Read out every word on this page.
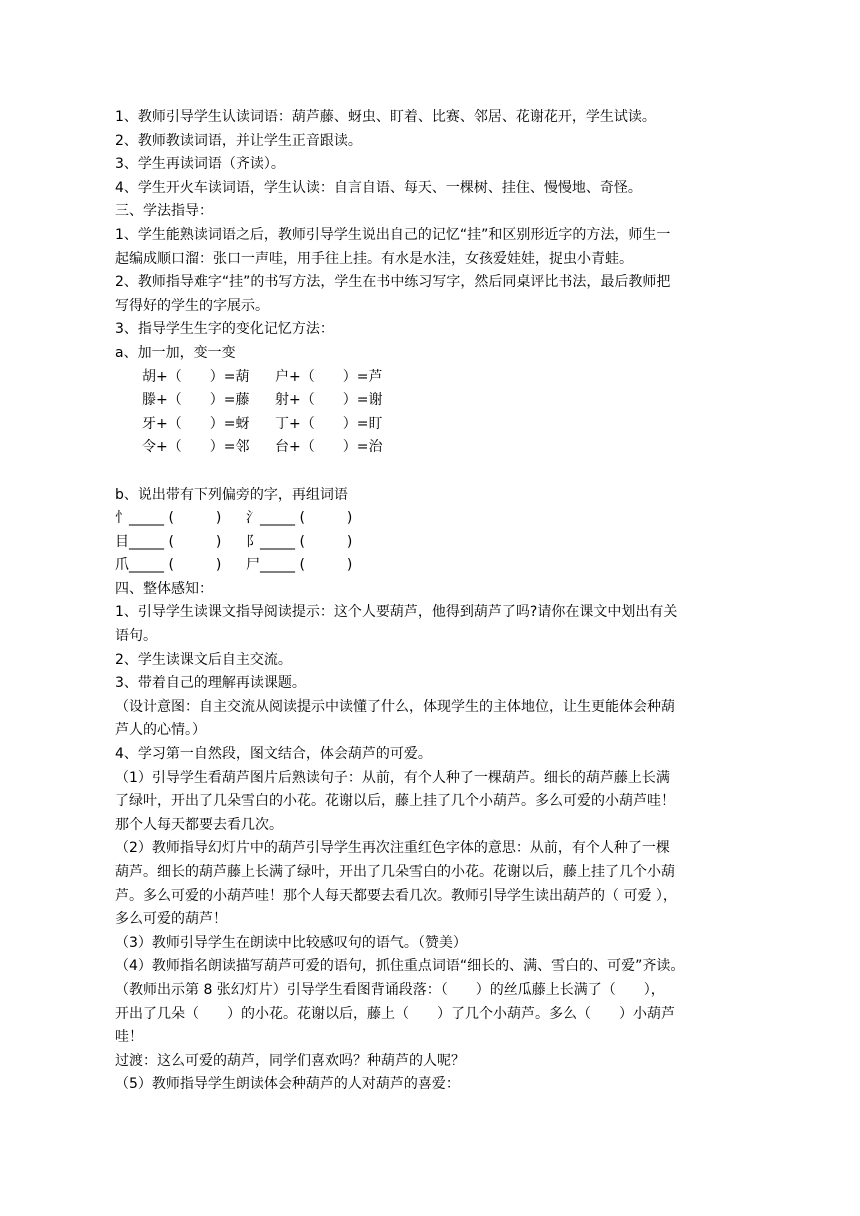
1、教师引导学生认读词语：葫芦藤、蚜虫、盯着、比赛、邻居、花谢花开，学生试读。
2、教师教读词语，并让学生正音跟读。
3、学生再读词语（齐读）。
4、学生开火车读词语，学生认读：自言自语、每天、一棵树、挂住、慢慢地、奇怪。
三、学法指导：
1、学生能熟读词语之后，教师引导学生说出自己的记忆“挂”和区别形近字的方法，师生一
起编成顺口溜：张口一声哇，用手往上挂。有水是水洼，女孩爱娃娃，捉虫小青蛙。
2、教师指导难字“挂”的书写方法，学生在书中练习写字，然后同桌评比书法，最后教师把
写得好的学生的字展示。
3、指导学生生字的变化记忆方法：
a、加一加，变一变
胡+（　　）=葫 户+（　　）=芦
滕+（　　）=藤 射+（　　）=谢
牙+（　　）=蚜 丁+（　　）=盯
令+（　　）=邻 台+（　　）=治
b、说出带有下列偏旁的字，再组词语
忄_____ (　　　) 氵_____ (　　　)
目_____ (　　　) 阝_____ (　　　)
爪_____ (　　　) 尸_____ (　　　)
四、整体感知：
1、引导学生读课文指导阅读提示：这个人要葫芦，他得到葫芦了吗?请你在课文中划出有关
语句。
2、学生读课文后自主交流。
3、带着自己的理解再读课题。
（设计意图：自主交流从阅读提示中读懂了什么，体现学生的主体地位，让生更能体会种葫
芦人的心情。）
4、学习第一自然段，图文结合，体会葫芦的可爱。
（1）引导学生看葫芦图片后熟读句子：从前，有个人种了一棵葫芦。细长的葫芦藤上长满
了绿叶，开出了几朵雪白的小花。花谢以后，藤上挂了几个小葫芦。多么可爱的小葫芦哇！
那个人每天都要去看几次。
（2）教师指导幻灯片中的葫芦引导学生再次注重红色字体的意思：从前，有个人种了一棵
葫芦。细长的葫芦藤上长满了绿叶，开出了几朵雪白的小花。花谢以后，藤上挂了几个小葫
芦。多么可爱的小葫芦哇！那个人每天都要去看几次。教师引导学生读出葫芦的（ 可爱 ），
多么可爱的葫芦！
（3）教师引导学生在朗读中比较感叹句的语气。（赞美）
（4）教师指名朗读描写葫芦可爱的语句，抓住重点词语“细长的、满、雪白的、可爱”齐读。
（教师出示第 8 张幻灯片）引导学生看图背诵段落：（　　）的丝瓜藤上长满了（　　），
开出了几朵（　　）的小花。花谢以后，藤上（　　）了几个小葫芦。多么（　　）小葫芦
哇！
过渡：这么可爱的葫芦，同学们喜欢吗？种葫芦的人呢？
（5）教师指导学生朗读体会种葫芦的人对葫芦的喜爱：
